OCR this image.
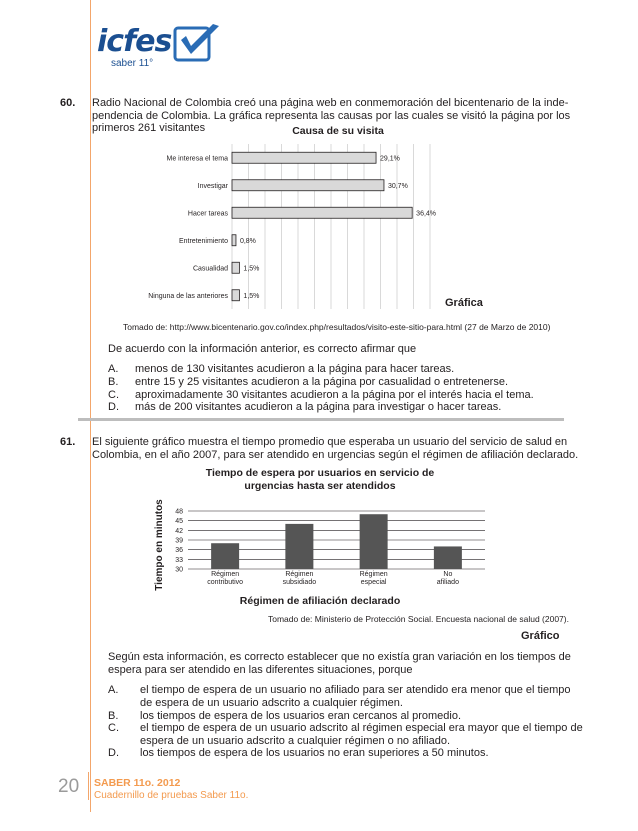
icfes
saber 11°
60. Radio Nacional de Colombia creó una página web en conmemoración del bicentenario de la inde-
pendencia de Colombia. La gráfica representa las causas por las cuales se visitó la página por los
primeros 261 visitantes	Causa de su visita
Me interesa el tema	29,1%
Investigar	30,7%
Hacer tareas	36,4%
Entretenimiento 0,8%
Casualidad 1,5%
Ninguna de las anteriores 1,5%
Gráfica
Tomado de: http://www.bicentenario.gov.co/index.php/resultados/visito-este-sitio-para.html (27 de Marzo de 2010)
De acuerdo con la información anterior, es correcto afirmar que
A. menos de 130 visitantes acudieron a la página para hacer tareas.
B. entre 15 y 25 visitantes acudieron a la página por casualidad o entretenerse.
C. aproximadamente 30 visitantes acudieron a la página por el interés hacia el tema.
D. más de 200 visitantes acudieron a la página para investigar o hacer tareas.
61. El siguiente gráfico muestra el tiempo promedio que esperaba un usuario del servicio de salud en
Colombia, en el año 2007, para ser atendido en urgencias según el régimen de afiliación declarado.
Tiempo de espera por usuarios en servicio de
urgencias hasta ser atendidos
30
33
36
39
42
45
48
Tiempo en minutos	Régimen
contributivo
Régimen
subsidiado
Régimen
especial
No
afiliado
Régimen de afiliación declarado
Tomado de: Ministerio de Protección Social. Encuesta nacional de salud (2007).
Gráfico
Según esta información, es correcto establecer que no existía gran variación en los tiempos de
espera para ser atendido en las diferentes situaciones, porque
A. el tiempo de espera de un usuario no afiliado para ser atendido era menor que el tiempo
de espera de un usuario adscrito a cualquier régimen.
B. los tiempos de espera de los usuarios eran cercanos al promedio.
C. el tiempo de espera de un usuario adscrito al régimen especial era mayor que el tiempo de
espera de un usuario adscrito a cualquier régimen o no afiliado.
D. los tiempos de espera de los usuarios no eran superiores a 50 minutos.
20 SABER 11o. 2012
Cuadernillo de pruebas Saber 11o.
